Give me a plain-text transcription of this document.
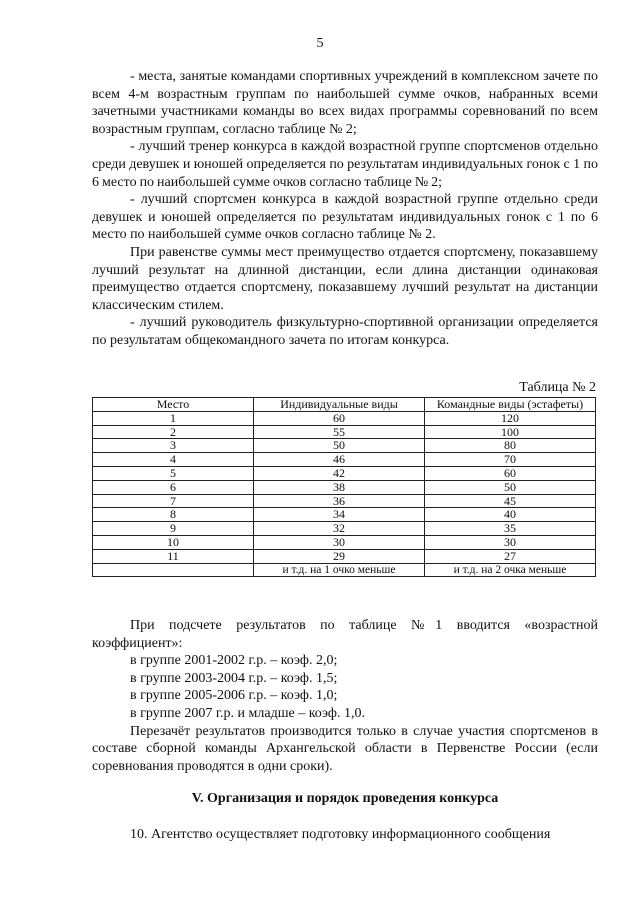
5

- места, занятые командами спортивных учреждений в комплексном зачете по всем 4-м возрастным группам по наибольшей сумме очков, набранных всеми зачетными участниками команды во всех видах программы соревнований по всем возрастным группам, согласно таблице № 2;

- лучший тренер конкурса в каждой возрастной группе спортсменов отдельно среди девушек и юношей определяется по результатам индивидуальных гонок с 1 по 6 место по наибольшей сумме очков согласно таблице № 2;

- лучший спортсмен конкурса в каждой возрастной группе отдельно среди девушек и юношей определяется по результатам индивидуальных гонок с 1 по 6 место по наибольшей сумме очков согласно таблице № 2.

При равенстве суммы мест преимущество отдается спортсмену, показавшему лучший результат на длинной дистанции, если длина дистанции одинаковая преимущество отдается спортсмену, показавшему лучший результат на дистанции классическим стилем.

- лучший руководитель физкультурно-спортивной организации определяется по результатам общекомандного зачета по итогам конкурса.

Таблица № 2
Место	Индивидуальные виды	Командные виды (эстафеты)
1	60	120
2	55	100
3	50	80
4	46	70
5	42	60
6	38	50
7	36	45
8	34	40
9	32	35
10	30	30
11	29	27
	и т.д. на 1 очко меньше	и т.д. на 2 очка меньше

При подсчете результатов по таблице №1 вводится «возрастной коэффициент»:

в группе 2001-2002 г.р. – коэф. 2,0;

в группе 2003-2004 г.р. – коэф. 1,5;

в группе 2005-2006 г.р. – коэф. 1,0;

в группе 2007 г.р. и младше – коэф. 1,0.

Перезачёт результатов производится только в случае участия спортсменов в составе сборной команды Архангельской области в Первенстве России (если соревнования проводятся в одни сроки).

V. Организация и порядок проведения конкурса

10. Агентство осуществляет подготовку информационного сообщения
